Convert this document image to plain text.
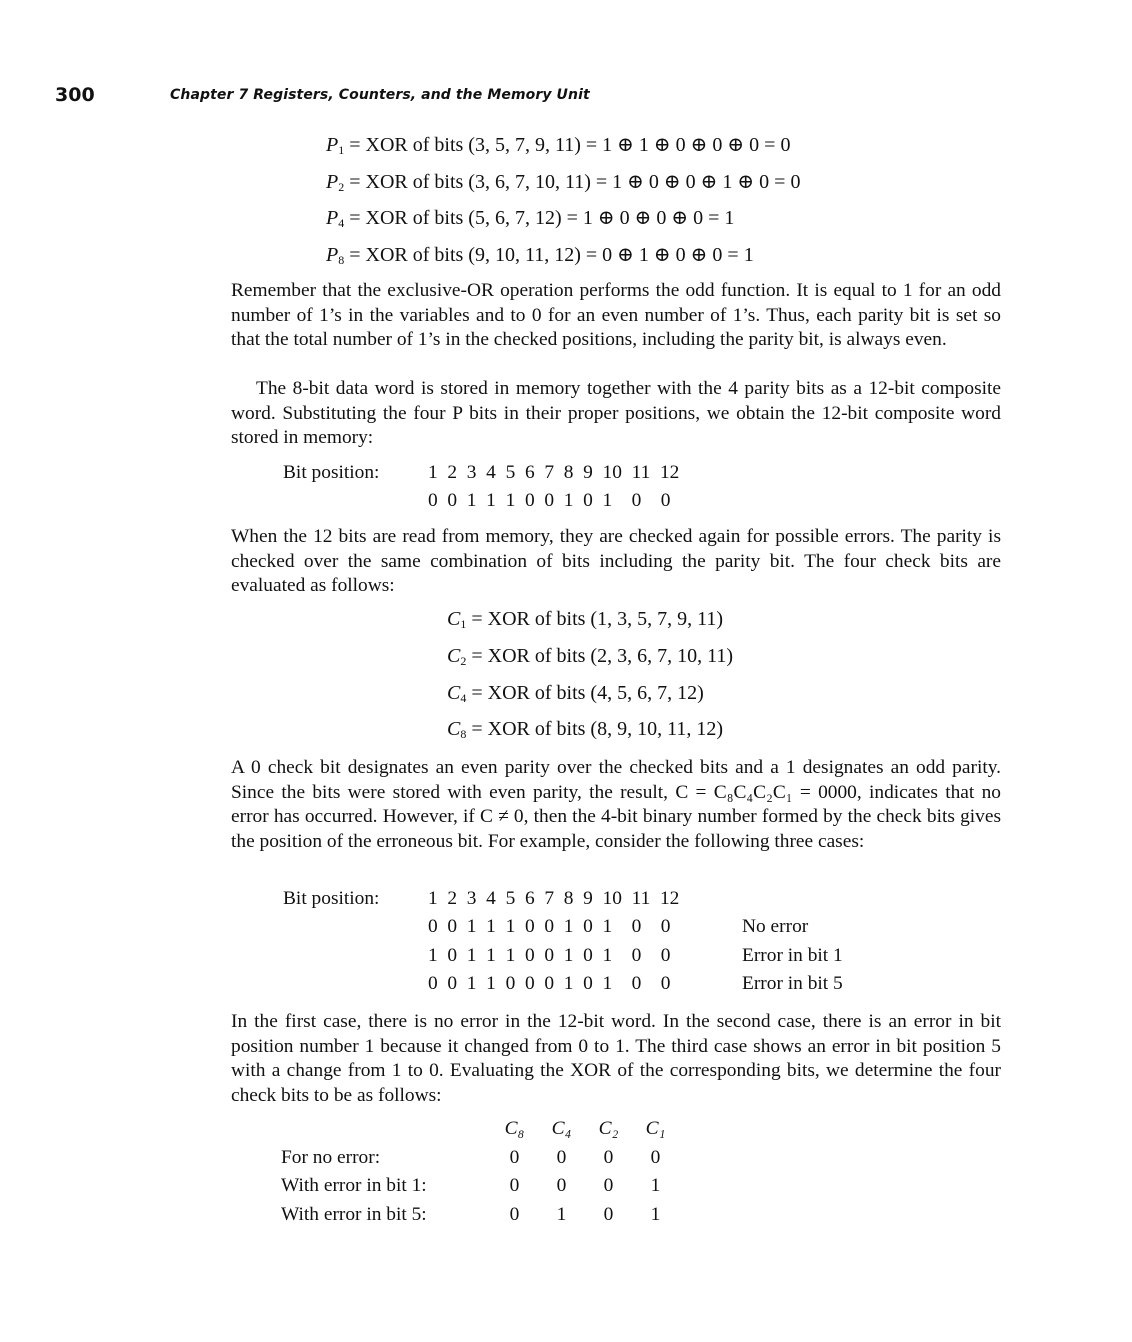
300	Chapter 7 Registers, Counters, and the Memory Unit
$P_1$ = XOR of bits (3, 5, 7, 9, 11) = 1 ⊕ 1 ⊕ 0 ⊕ 0 ⊕ 0 = 0
$P_2$ = XOR of bits (3, 6, 7, 10, 11) = 1 ⊕ 0 ⊕ 0 ⊕ 1 ⊕ 0 = 0
$P_4$ = XOR of bits (5, 6, 7, 12) = 1 ⊕ 0 ⊕ 0 ⊕ 0 = 1
$P_8$ = XOR of bits (9, 10, 11, 12) = 0 ⊕ 1 ⊕ 0 ⊕ 0 = 1
Remember that the exclusive-OR operation performs the odd function. It is equal to 1 for an odd number of 1’s in the variables and to 0 for an even number of 1’s. Thus, each parity bit is set so that the total number of 1’s in the checked positions, including the parity bit, is always even.
The 8-bit data word is stored in memory together with the 4 parity bits as a 12-bit composite word. Substituting the four P bits in their proper positions, we obtain the 12-bit composite word stored in memory:
Bit position:	1  2  3  4  5  6  7  8  9  10  11  12
0  0  1  1  1  0  0  1  0  1    0    0
When the 12 bits are read from memory, they are checked again for possible errors. The parity is checked over the same combination of bits including the parity bit. The four check bits are evaluated as follows:
$C_1$ = XOR of bits (1, 3, 5, 7, 9, 11)
$C_2$ = XOR of bits (2, 3, 6, 7, 10, 11)
$C_4$ = XOR of bits (4, 5, 6, 7, 12)
$C_8$ = XOR of bits (8, 9, 10, 11, 12)
A 0 check bit designates an even parity over the checked bits and a 1 designates an odd parity. Since the bits were stored with even parity, the result, C = C₈C₄C₂C₁ = 0000, indicates that no error has occurred. However, if C ≠ 0, then the 4-bit binary number formed by the check bits gives the position of the erroneous bit. For example, consider the following three cases:
Bit position:	1  2  3  4  5  6  7  8  9  10  11  12
0  0  1  1  1  0  0  1  0  1    0    0	No error
1  0  1  1  1  0  0  1  0  1    0    0	Error in bit 1
0  0  1  1  0  0  0  1  0  1    0    0	Error in bit 5
In the first case, there is no error in the 12-bit word. In the second case, there is an error in bit position number 1 because it changed from 0 to 1. The third case shows an error in bit position 5 with a change from 1 to 0. Evaluating the XOR of the corresponding bits, we determine the four check bits to be as follows:
	C₈	C₄	C₂	C₁
For no error:	0	0	0	0
With error in bit 1:	0	0	0	1
With error in bit 5:	0	1	0	1
